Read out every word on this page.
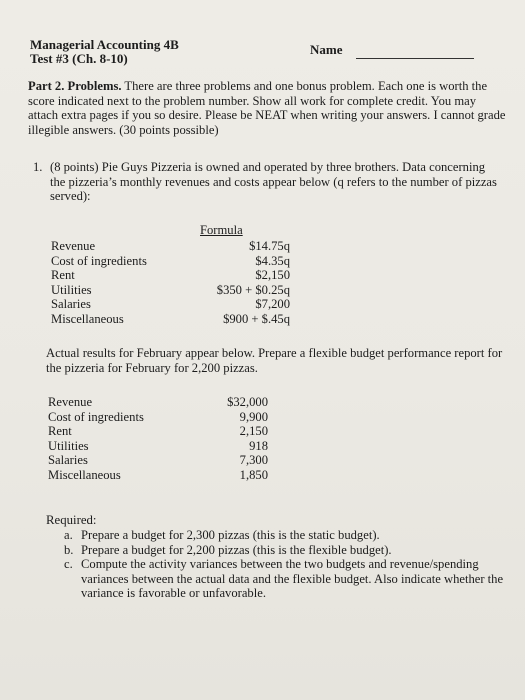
Managerial Accounting 4B
Test #3 (Ch. 8-10)
Name
Part 2. Problems. There are three problems and one bonus problem. Each one is worth the score indicated next to the problem number. Show all work for complete credit. You may attach extra pages if you so desire. Please be NEAT when writing your answers. I cannot grade illegible answers. (30 points possible)
1. (8 points) Pie Guys Pizzeria is owned and operated by three brothers. Data concerning the pizzeria’s monthly revenues and costs appear below (q refers to the number of pizzas served):
Formula
Revenue	$14.75q
Cost of ingredients	$4.35q
Rent	$2,150
Utilities	$350 + $0.25q
Salaries	$7,200
Miscellaneous	$900 + $.45q
Actual results for February appear below. Prepare a flexible budget performance report for the pizzeria for February for 2,200 pizzas.
Revenue	$32,000
Cost of ingredients	9,900
Rent	2,150
Utilities	918
Salaries	7,300
Miscellaneous	1,850
Required:
a. Prepare a budget for 2,300 pizzas (this is the static budget).
b. Prepare a budget for 2,200 pizzas (this is the flexible budget).
c. Compute the activity variances between the two budgets and revenue/spending variances between the actual data and the flexible budget. Also indicate whether the variance is favorable or unfavorable.
